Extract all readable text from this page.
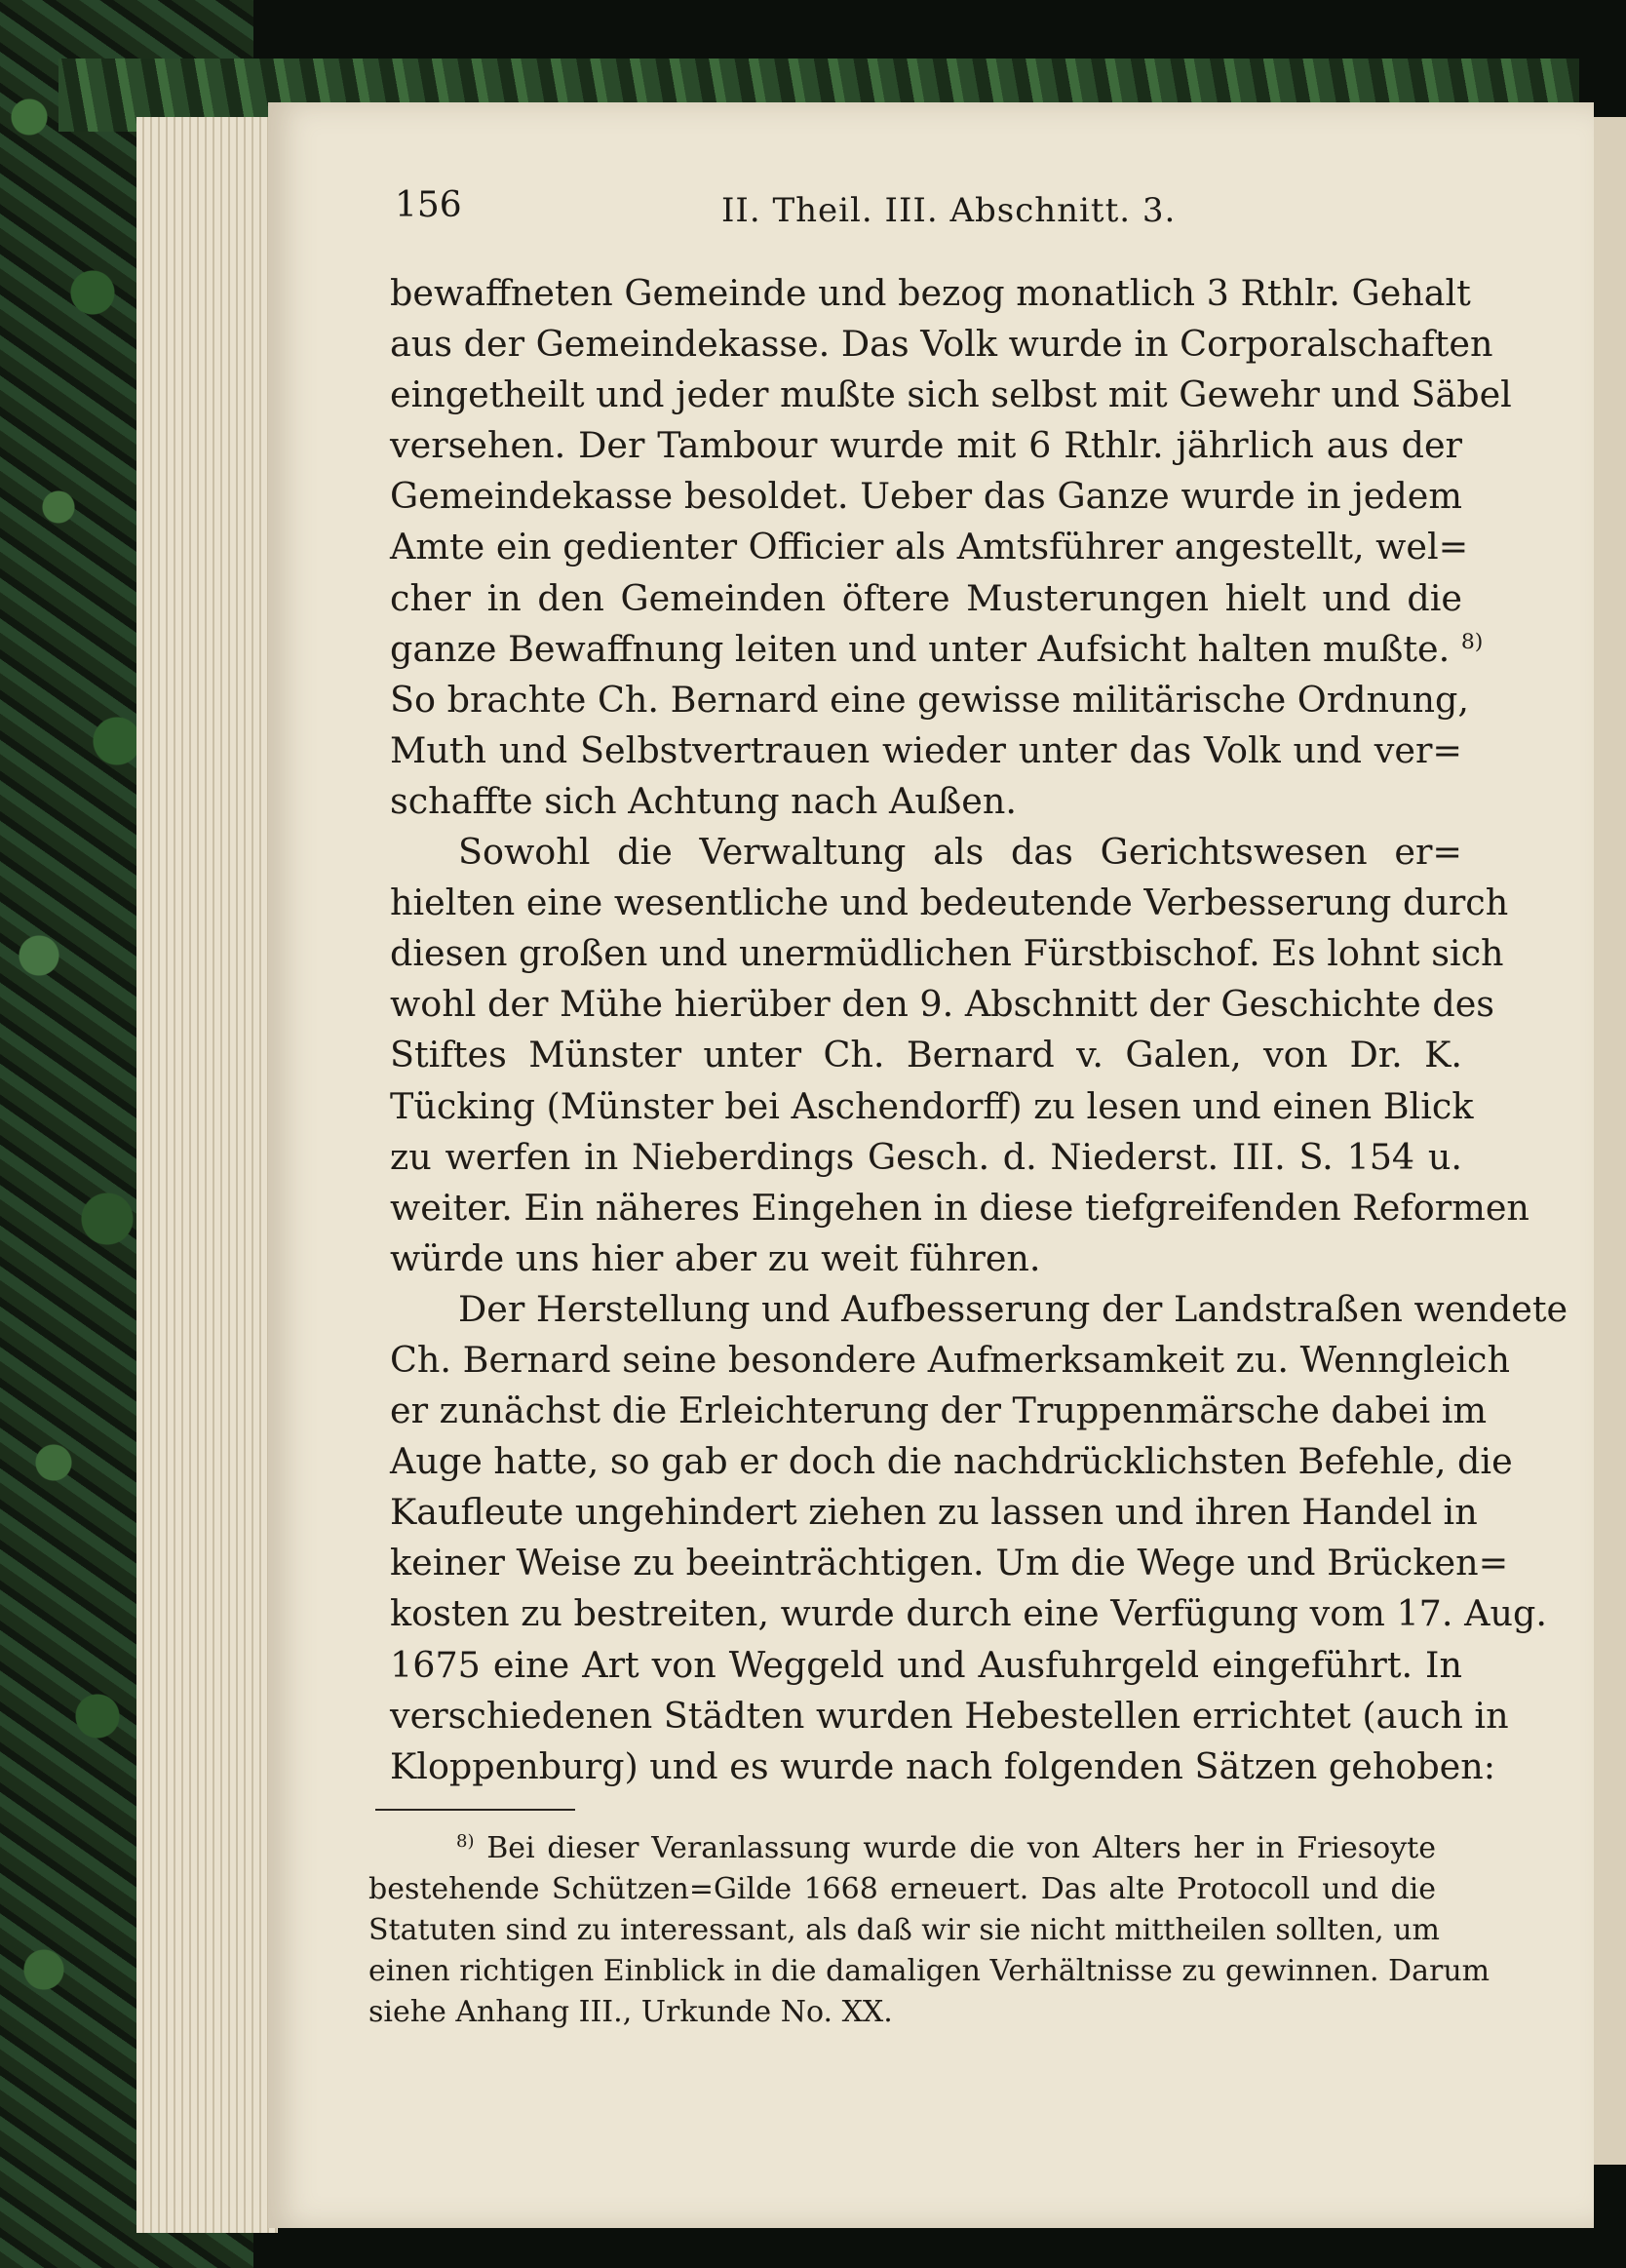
156	II. Theil. III. Abschnitt. 3.
bewaffneten Gemeinde und bezog monatlich 3 Rthlr. Gehalt
aus der Gemeindekasse. Das Volk wurde in Corporalschaften
eingetheilt und jeder mußte sich selbst mit Gewehr und Säbel
versehen. Der Tambour wurde mit 6 Rthlr. jährlich aus der
Gemeindekasse besoldet. Ueber das Ganze wurde in jedem
Amte ein gedienter Officier als Amtsführer angestellt, wel=
cher in den Gemeinden öftere Musterungen hielt und die
ganze Bewaffnung leiten und unter Aufsicht halten mußte. $^{8)}$
So brachte Ch. Bernard eine gewisse militärische Ordnung,
Muth und Selbstvertrauen wieder unter das Volk und ver=
schaffte sich Achtung nach Außen.
Sowohl die Verwaltung als das Gerichtswesen er=
hielten eine wesentliche und bedeutende Verbesserung durch
diesen großen und unermüdlichen Fürstbischof. Es lohnt sich
wohl der Mühe hierüber den 9. Abschnitt der Geschichte des
Stiftes Münster unter Ch. Bernard v. Galen, von Dr. K.
Tücking (Münster bei Aschendorff) zu lesen und einen Blick
zu werfen in Nieberdings Gesch. d. Niederst. III. S. 154 u.
weiter. Ein näheres Eingehen in diese tiefgreifenden Reformen
würde uns hier aber zu weit führen.
Der Herstellung und Aufbesserung der Landstraßen wendete
Ch. Bernard seine besondere Aufmerksamkeit zu. Wenngleich
er zunächst die Erleichterung der Truppenmärsche dabei im
Auge hatte, so gab er doch die nachdrücklichsten Befehle, die
Kaufleute ungehindert ziehen zu lassen und ihren Handel in
keiner Weise zu beeinträchtigen. Um die Wege und Brücken=
kosten zu bestreiten, wurde durch eine Verfügung vom 17. Aug.
1675 eine Art von Weggeld und Ausfuhrgeld eingeführt. In
verschiedenen Städten wurden Hebestellen errichtet (auch in
Kloppenburg) und es wurde nach folgenden Sätzen gehoben:
$^{8)}$ Bei dieser Veranlassung wurde die von Alters her in Friesoyte
bestehende Schützen=Gilde 1668 erneuert. Das alte Protocoll und die
Statuten sind zu interessant, als daß wir sie nicht mittheilen sollten, um
einen richtigen Einblick in die damaligen Verhältnisse zu gewinnen. Darum
siehe Anhang III., Urkunde No. XX.
